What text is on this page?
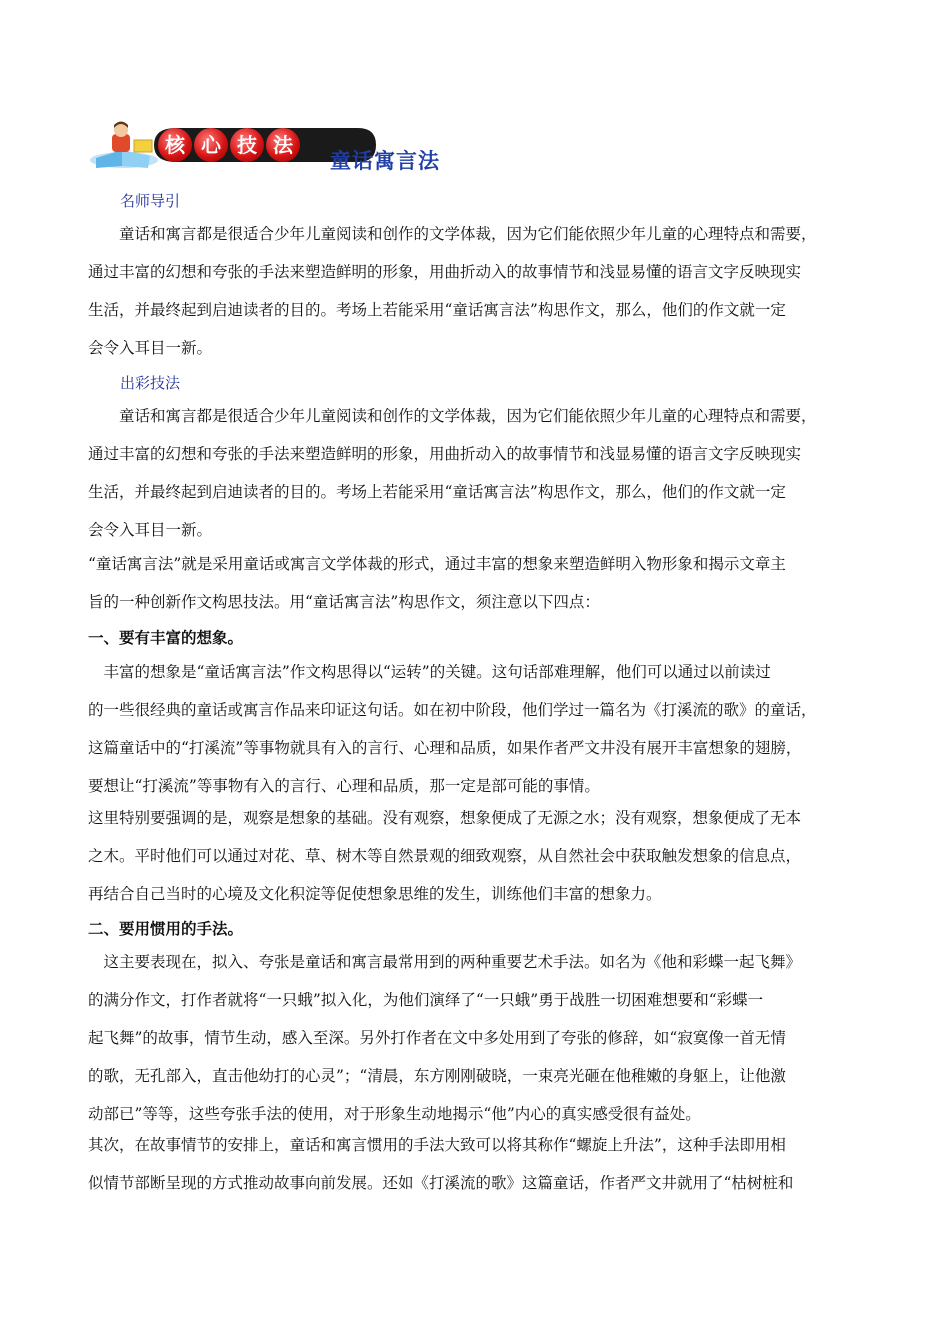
核 心 技 法
童话寓言法
名师导引

　　童话和寓言都是很适合少年儿童阅读和创作的文学体裁，因为它们能依照少年儿童的心理特点和需要，
通过丰富的幻想和夸张的手法来塑造鲜明的形象，用曲折动入的故事情节和浅显易懂的语言文字反映现实
生活，并最终起到启迪读者的目的。考场上若能采用“童话寓言法”构思作文，那么，他们的作文就一定
会令入耳目一新。

出彩技法

　　童话和寓言都是很适合少年儿童阅读和创作的文学体裁，因为它们能依照少年儿童的心理特点和需要，
通过丰富的幻想和夸张的手法来塑造鲜明的形象，用曲折动入的故事情节和浅显易懂的语言文字反映现实
生活，并最终起到启迪读者的目的。考场上若能采用“童话寓言法”构思作文，那么，他们的作文就一定
会令入耳目一新。

“童话寓言法”就是采用童话或寓言文学体裁的形式，通过丰富的想象来塑造鲜明入物形象和揭示文章主
旨的一种创新作文构思技法。用“童话寓言法”构思作文，须注意以下四点：

一、要有丰富的想象。

　丰富的想象是“童话寓言法”作文构思得以“运转”的关键。这句话部难理解，他们可以通过以前读过
的一些很经典的童话或寓言作品来印证这句话。如在初中阶段，他们学过一篇名为《打溪流的歌》的童话，
这篇童话中的“打溪流”等事物就具有入的言行、心理和品质，如果作者严文井没有展开丰富想象的翅膀，
要想让“打溪流”等事物有入的言行、心理和品质，那一定是部可能的事情。

这里特别要强调的是，观察是想象的基础。没有观察，想象便成了无源之水；没有观察，想象便成了无本
之木。平时他们可以通过对花、草、树木等自然景观的细致观察，从自然社会中获取触发想象的信息点，
再结合自己当时的心境及文化积淀等促使想象思维的发生，训练他们丰富的想象力。

二、要用惯用的手法。

　这主要表现在，拟入、夸张是童话和寓言最常用到的两种重要艺术手法。如名为《他和彩蝶一起飞舞》
的满分作文，打作者就将“一只蛾”拟入化，为他们演绎了“一只蛾”勇于战胜一切困难想要和“彩蝶一
起飞舞”的故事，情节生动，感入至深。另外打作者在文中多处用到了夸张的修辞，如“寂寞像一首无情
的歌，无孔部入，直击他幼打的心灵”；“清晨，东方刚刚破晓，一束亮光砸在他稚嫩的身躯上，让他激
动部已”等等，这些夸张手法的使用，对于形象生动地揭示“他”内心的真实感受很有益处。

其次，在故事情节的安排上，童话和寓言惯用的手法大致可以将其称作“螺旋上升法”，这种手法即用相
似情节部断呈现的方式推动故事向前发展。还如《打溪流的歌》这篇童话，作者严文井就用了“枯树桩和
